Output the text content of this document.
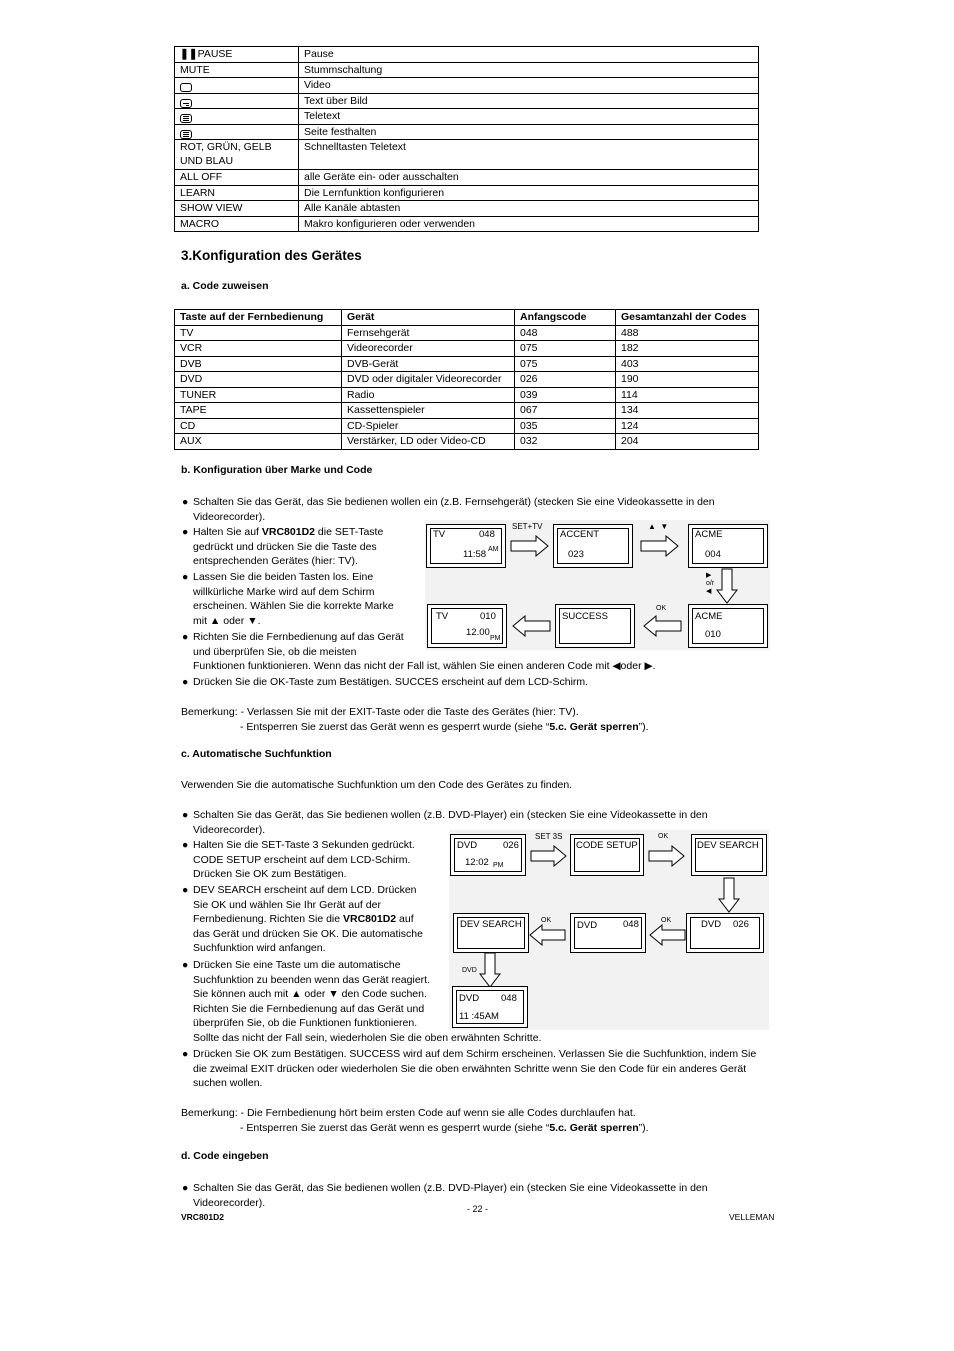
❚❚PAUSE	Pause
MUTE	Stummschaltung
	Video

	Text über Bild

	Teletext

	Seite festhalten

ROT, GRÜN, GELB
UND BLAU	Schnelltasten Teletext
ALL OFF	alle Geräte ein- oder ausschalten
LEARN	Die Lernfunktion konfigurieren
SHOW VIEW	Alle Kanäle abtasten
MACRO	Makro konfigurieren oder verwenden
3.Konfiguration des Gerätes
a. Code zuweisen
Taste auf der Fernbedienung	Gerät	Anfangscode	Gesamtanzahl der Codes
TV	Fernsehgerät	048	488
VCR	Videorecorder	075	182
DVB	DVB-Gerät	075	403
DVD	DVD oder digitaler Videorecorder	026	190
TUNER	Radio	039	114
TAPE	Kassettenspieler	067	134
CD	CD-Spieler	035	124
AUX	Verstärker, LD oder Video-CD	032	204
b. Konfiguration über Marke und Code
● Schalten Sie das Gerät, das Sie bedienen wollen ein (z.B. Fernsehgerät) (stecken Sie eine Videokassette in den
Videorecorder).
● Halten Sie auf VRC801D2 die SET-Taste
gedrückt und drücken Sie die Taste des
entsprechenden Gerätes (hier: TV).
● Lassen Sie die beiden Tasten los. Eine
willkürliche Marke wird auf dem Schirm
erscheinen. Wählen Sie die korrekte Marke
mit ▲ oder ▼.
● Richten Sie die Fernbedienung auf das Gerät
und überprüfen Sie, ob die meisten
Funktionen funktionieren. Wenn das nicht der Fall ist, wählen Sie einen anderen Code mit ◀oder ▶.
● Drücken Sie die OK-Taste zum Bestätigen. SUCCES erscheint auf dem LCD-Schirm.
Bemerkung: - Verlassen Sie mit der EXIT-Taste oder die Taste des Gerätes (hier: TV).
- Entsperren Sie zuerst das Gerät wenn es gesperrt wurde (siehe “5.c. Gerät sperren”).
TV	048
11:58 AM
SET+TV
ACCENT
023
▲  ▼
ACME
004
▶
o/r
◀
ACME
010
OK
SUCCESS
TV	010
12.00
PM
c. Automatische Suchfunktion
Verwenden Sie die automatische Suchfunktion um den Code des Gerätes zu finden.
● Schalten Sie das Gerät, das Sie bedienen wollen (z.B. DVD-Player) ein (stecken Sie eine Videokassette in den
Videorecorder).
● Halten Sie die SET-Taste 3 Sekunden gedrückt.
CODE SETUP erscheint auf dem LCD-Schirm.
Drücken Sie OK zum Bestätigen.
● DEV SEARCH erscheint auf dem LCD. Drücken
Sie OK und wählen Sie Ihr Gerät auf der
Fernbedienung. Richten Sie die VRC801D2 auf
das Gerät und drücken Sie OK. Die automatische
Suchfunktion wird anfangen.
● Drücken Sie eine Taste um die automatische
Suchfunktion zu beenden wenn das Gerät reagiert.
Sie können auch mit ▲ oder ▼ den Code suchen.
Richten Sie die Fernbedienung auf das Gerät und
überprüfen Sie, ob die Funktionen funktionieren.
Sollte das nicht der Fall sein, wiederholen Sie die oben erwähnten Schritte.
● Drücken Sie OK zum Bestätigen. SUCCESS wird auf dem Schirm erscheinen. Verlassen Sie die Suchfunktion, indem Sie
die zweimal EXIT drücken oder wiederholen Sie die oben erwähnten Schritte wenn Sie den Code für ein anderes Gerät
suchen wollen.
Bemerkung: - Die Fernbedienung hört beim ersten Code auf wenn sie alle Codes durchlaufen hat.
- Entsperren Sie zuerst das Gerät wenn es gesperrt wurde (siehe “5.c. Gerät sperren”).
DVD	026
12:02 PM
SET 3S
CODE SETUP
OK
DEV SEARCH
DVD 026
OK
DVD	048
OK
DEV SEARCH
DVD
DVD 048
11 :45AM
d. Code eingeben
● Schalten Sie das Gerät, das Sie bedienen wollen (z.B. DVD-Player) ein (stecken Sie eine Videokassette in den
Videorecorder).
VRC801D2
- 22 -
VELLEMAN
